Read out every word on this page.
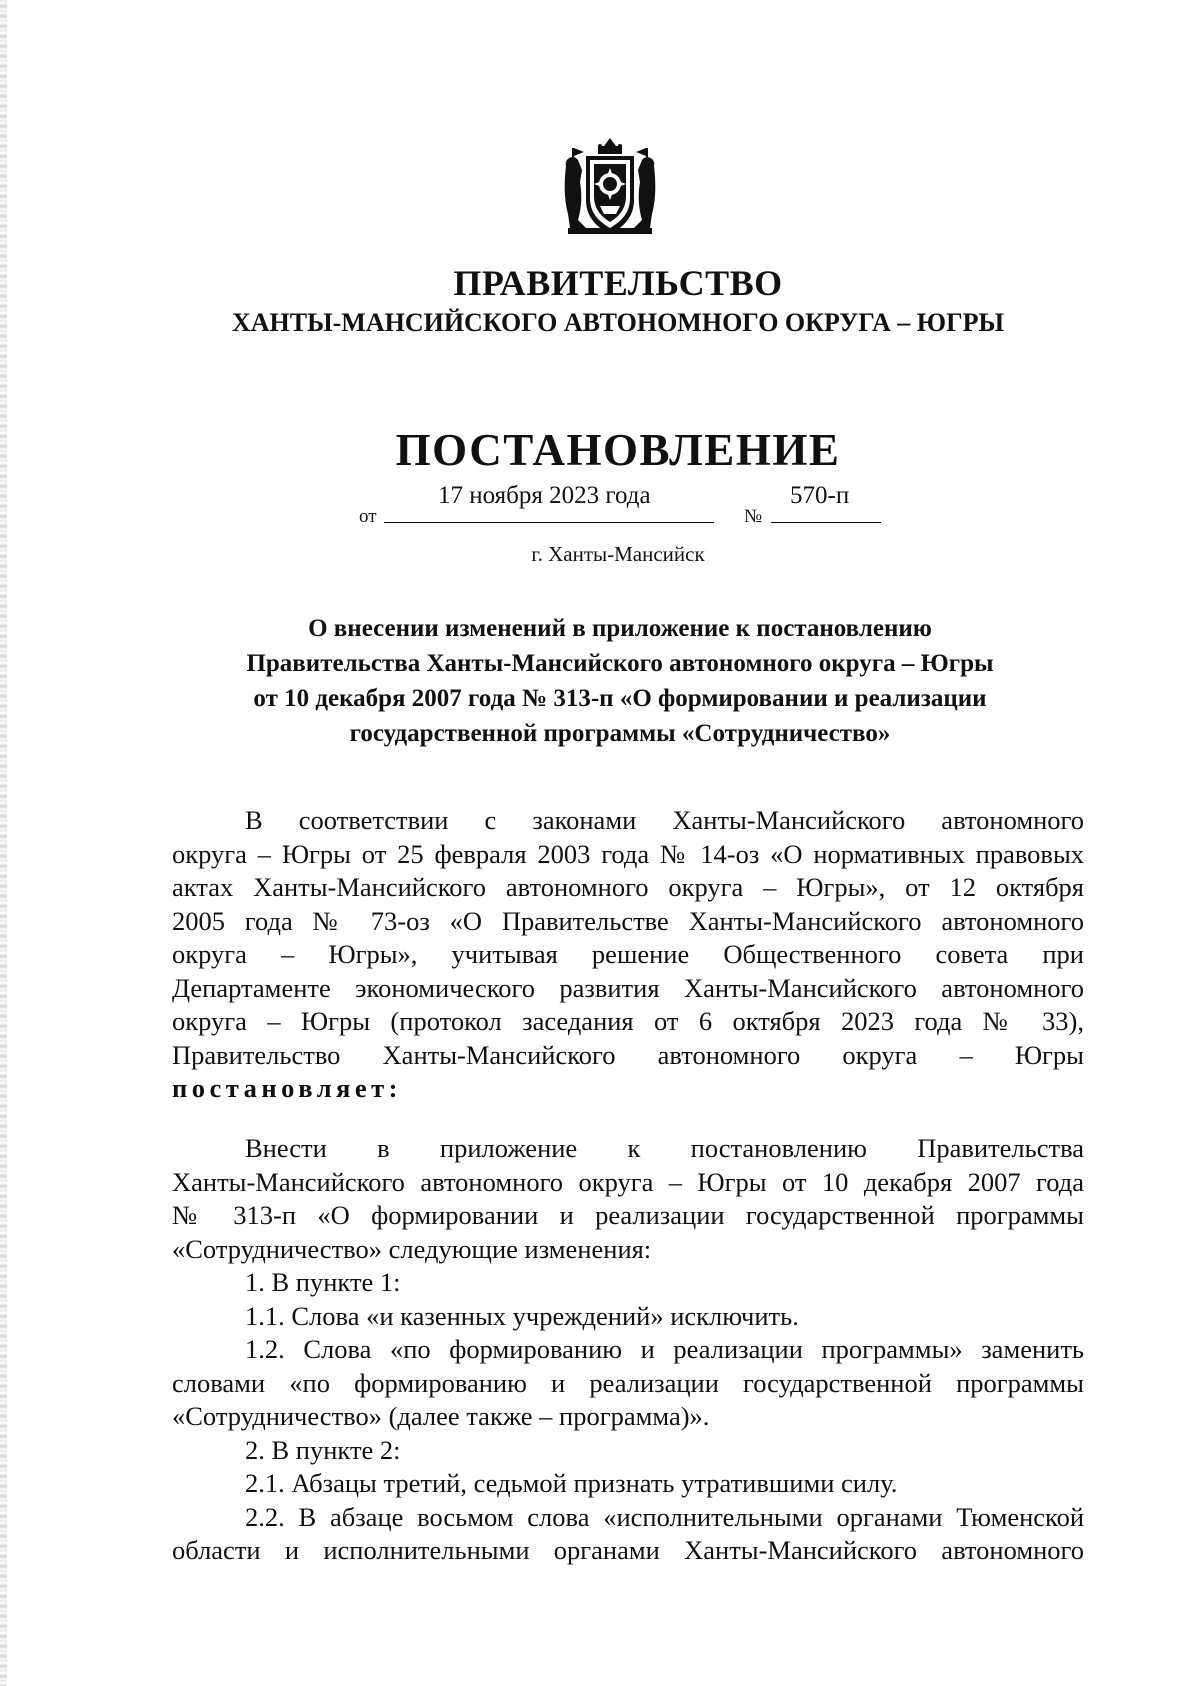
ПРАВИТЕЛЬСТВО
ХАНТЫ-МАНСИЙСКОГО АВТОНОМНОГО ОКРУГА – ЮГРЫ
ПОСТАНОВЛЕНИЕ
от
17 ноября 2023 года
№
570-п

г. Ханты-Мансийск

О внесении изменений в приложение к постановлению
Правительства Ханты-Мансийского автономного округа – Югры
от 10 декабря 2007 года № 313-п «О формировании и реализации
государственной программы «Сотрудничество»
В соответствии с законами Ханты-Мансийского автономного
округа – Югры от 25 февраля 2003 года № 14-оз «О нормативных правовых
актах Ханты-Мансийского автономного округа – Югры», от 12 октября
2005 года № 73-оз «О Правительстве Ханты-Мансийского автономного
округа – Югры», учитывая решение Общественного совета при
Департаменте экономического развития Ханты-Мансийского автономного
округа – Югры (протокол заседания от 6 октября 2023 года № 33),
Правительство Ханты-Мансийского автономного округа – Югры
постановляет:
Внести в приложение к постановлению Правительства
Ханты-Мансийского автономного округа – Югры от 10 декабря 2007 года
№ 313-п «О формировании и реализации государственной программы
«Сотрудничество» следующие изменения:
1. В пункте 1:
1.1. Слова «и казенных учреждений» исключить.
1.2. Слова «по формированию и реализации программы» заменить
словами «по формированию и реализации государственной программы
«Сотрудничество» (далее также – программа)».
2. В пункте 2:
2.1. Абзацы третий, седьмой признать утратившими силу.
2.2. В абзаце восьмом слова «исполнительными органами Тюменской
области и исполнительными органами Ханты-Мансийского автономного
